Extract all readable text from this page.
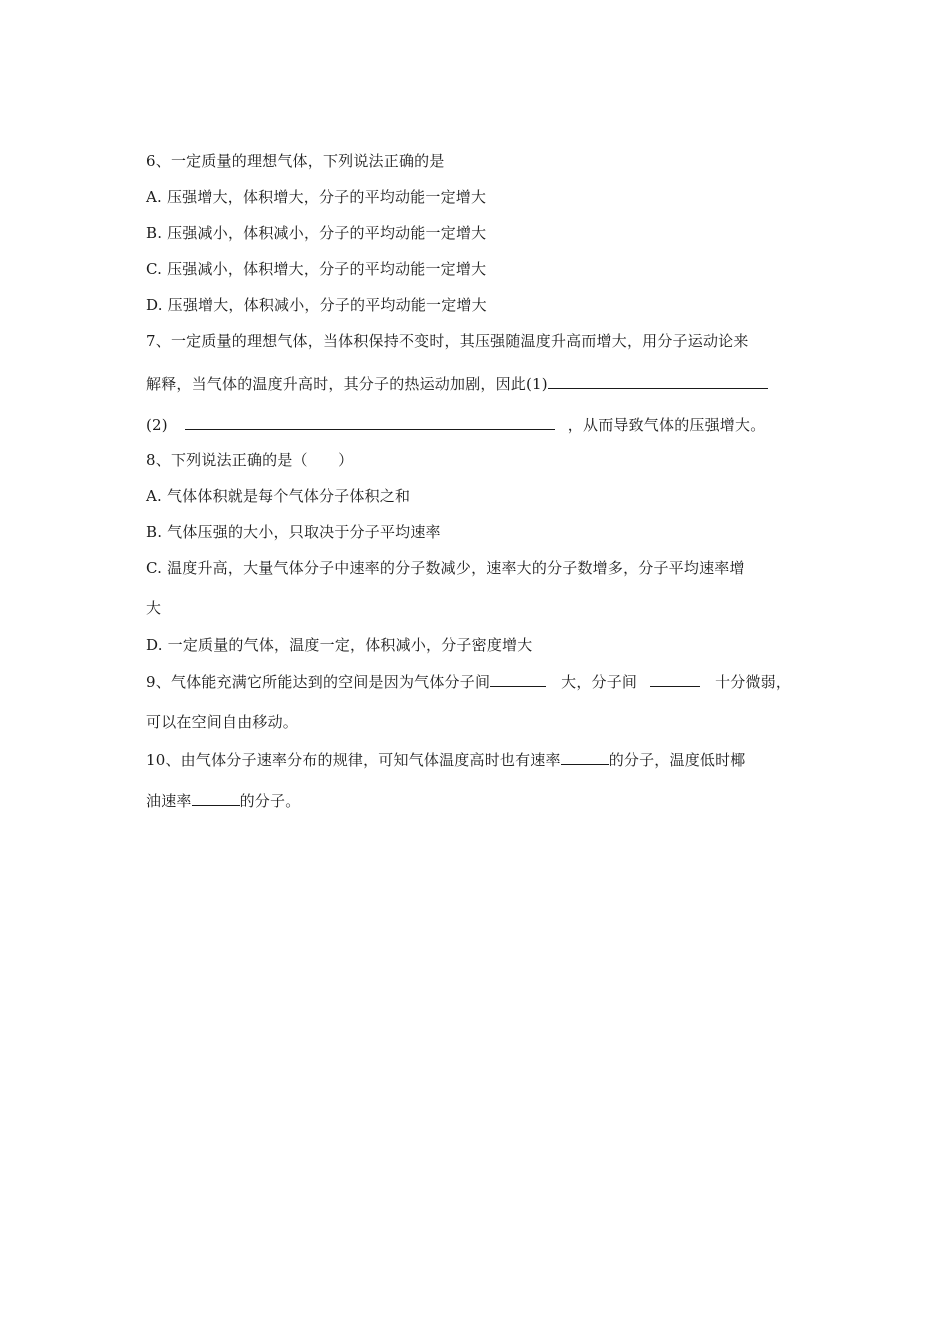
6、一定质量的理想气体，下列说法正确的是
A. 压强增大，体积增大，分子的平均动能一定增大
B. 压强减小，体积减小，分子的平均动能一定增大
C. 压强减小，体积增大，分子的平均动能一定增大
D. 压强增大，体积减小，分子的平均动能一定增大
7、一定质量的理想气体，当体积保持不变时，其压强随温度升高而增大，用分子运动论来
解释，当气体的温度升高时，其分子的热运动加剧，因此(1)
(2)	，从而导致气体的压强增大。
8、下列说法正确的是（　　）
A. 气体体积就是每个气体分子体积之和
B. 气体压强的大小，只取决于分子平均速率
C. 温度升高，大量气体分子中速率的分子数减少，速率大的分子数增多，分子平均速率增
大
D. 一定质量的气体，温度一定，体积减小，分子密度增大
9、气体能充满它所能达到的空间是因为气体分子间	大，分子间	十分微弱，
可以在空间自由移动。
10、由气体分子速率分布的规律，可知气体温度高时也有速率	的分子，温度低时椰
油速率	的分子。
